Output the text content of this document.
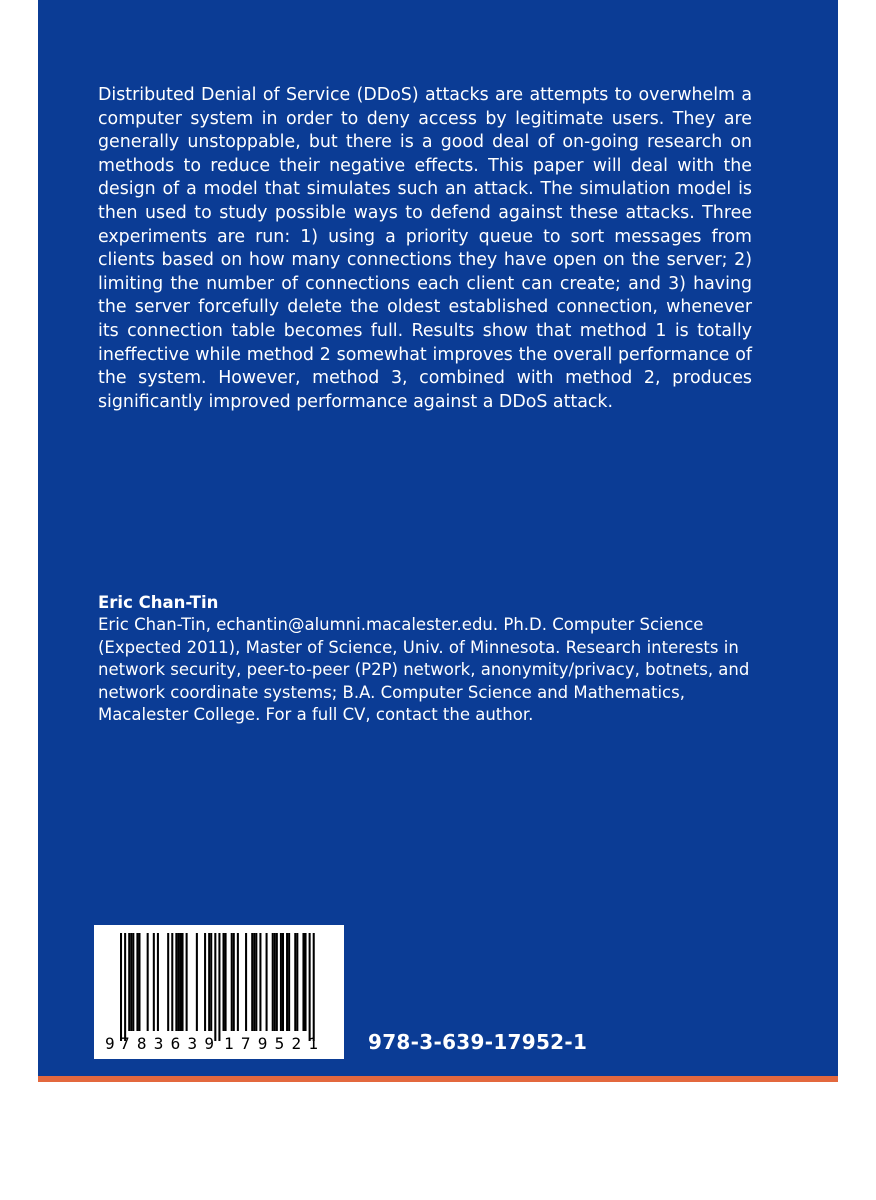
Distributed Denial of Service (DDoS) attacks are attempts to overwhelm a computer system in order to deny access by legitimate users. They are generally unstoppable, but there is a good deal of on-going research on methods to reduce their negative effects. This paper will deal with the design of a model that simulates such an attack. The simulation model is then used to study possible ways to defend against these attacks. Three experiments are run: 1) using a priority queue to sort messages from clients based on how many connections they have open on the server; 2) limiting the number of connections each client can create; and 3) having the server forcefully delete the oldest established connection, whenever its connection table becomes full. Results show that method 1 is totally ineffective while method 2 somewhat improves the overall performance of the system. However, method 3, combined with method 2, produces significantly improved performance against a DDoS attack.

Eric Chan-Tin

Eric Chan-Tin, echantin@alumni.macalester.edu. Ph.D. Computer Science (Expected 2011), Master of Science, Univ. of Minnesota. Research interests in network security, peer-to-peer (P2P) network, anonymity/privacy, botnets, and network coordinate systems; B.A. Computer Science and Mathematics, Macalester College. For a full CV, contact the author.

9 783639 179521	978-3-639-17952-1
